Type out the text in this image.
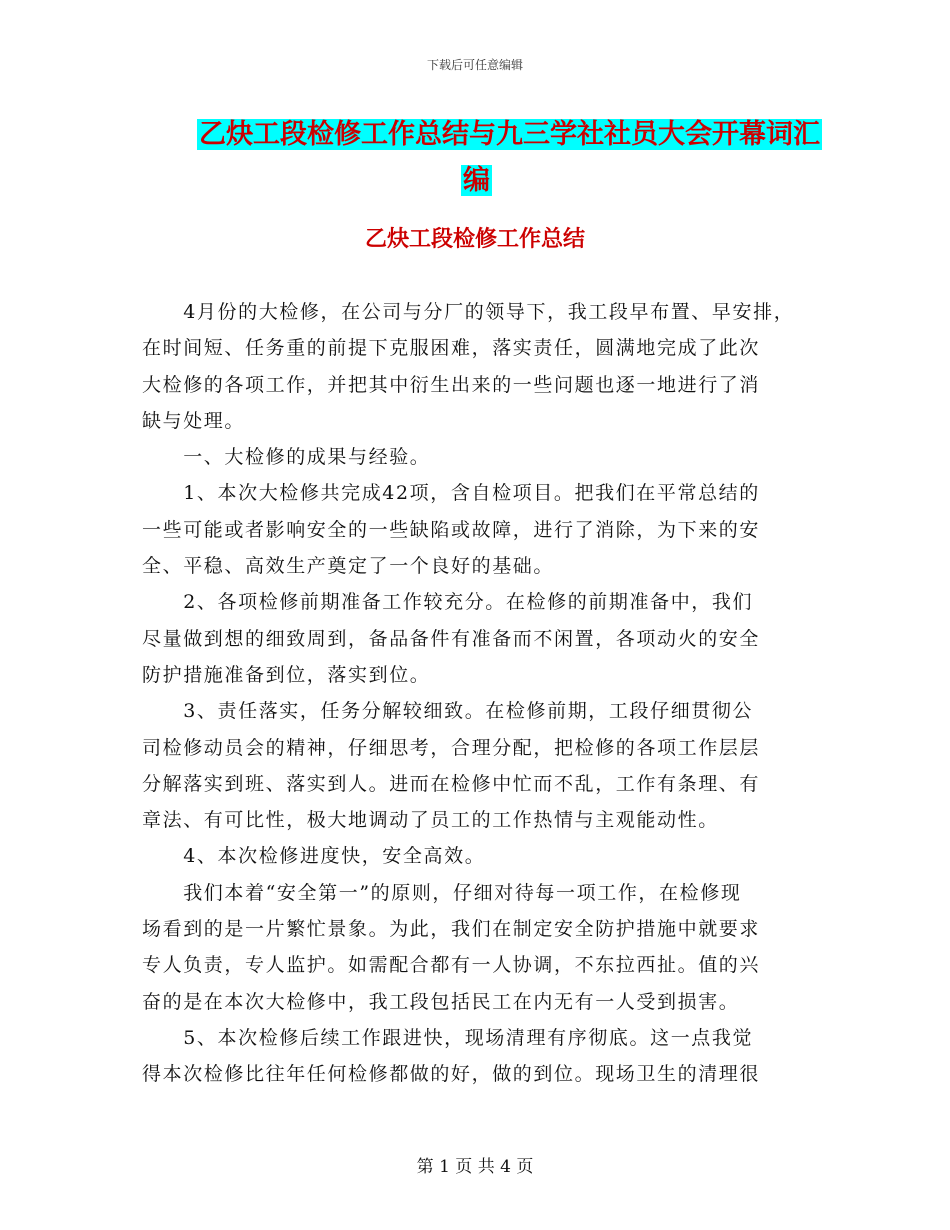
下载后可任意编辑
乙炔工段检修工作总结与九三学社社员大会开幕词汇
编
乙炔工段检修工作总结
　　4月份的大检修，在公司与分厂的领导下，我工段早布置、早安排，
在时间短、任务重的前提下克服困难，落实责任，圆满地完成了此次
大检修的各项工作，并把其中衍生出来的一些问题也逐一地进行了消
缺与处理。
　　一、大检修的成果与经验。
　　1、本次大检修共完成42项，含自检项目。把我们在平常总结的
一些可能或者影响安全的一些缺陷或故障，进行了消除，为下来的安
全、平稳、高效生产奠定了一个良好的基础。
　　2、各项检修前期准备工作较充分。在检修的前期准备中，我们
尽量做到想的细致周到，备品备件有准备而不闲置，各项动火的安全
防护措施准备到位，落实到位。
　　3、责任落实，任务分解较细致。在检修前期，工段仔细贯彻公
司检修动员会的精神，仔细思考，合理分配，把检修的各项工作层层
分解落实到班、落实到人。进而在检修中忙而不乱，工作有条理、有
章法、有可比性，极大地调动了员工的工作热情与主观能动性。
　　4、本次检修进度快，安全高效。
　　我们本着“安全第一”的原则，仔细对待每一项工作，在检修现
场看到的是一片繁忙景象。为此，我们在制定安全防护措施中就要求
专人负责，专人监护。如需配合都有一人协调，不东拉西扯。值的兴
奋的是在本次大检修中，我工段包括民工在内无有一人受到损害。
　　5、本次检修后续工作跟进快，现场清理有序彻底。这一点我觉
得本次检修比往年任何检修都做的好，做的到位。现场卫生的清理很
第 1 页 共 4 页
